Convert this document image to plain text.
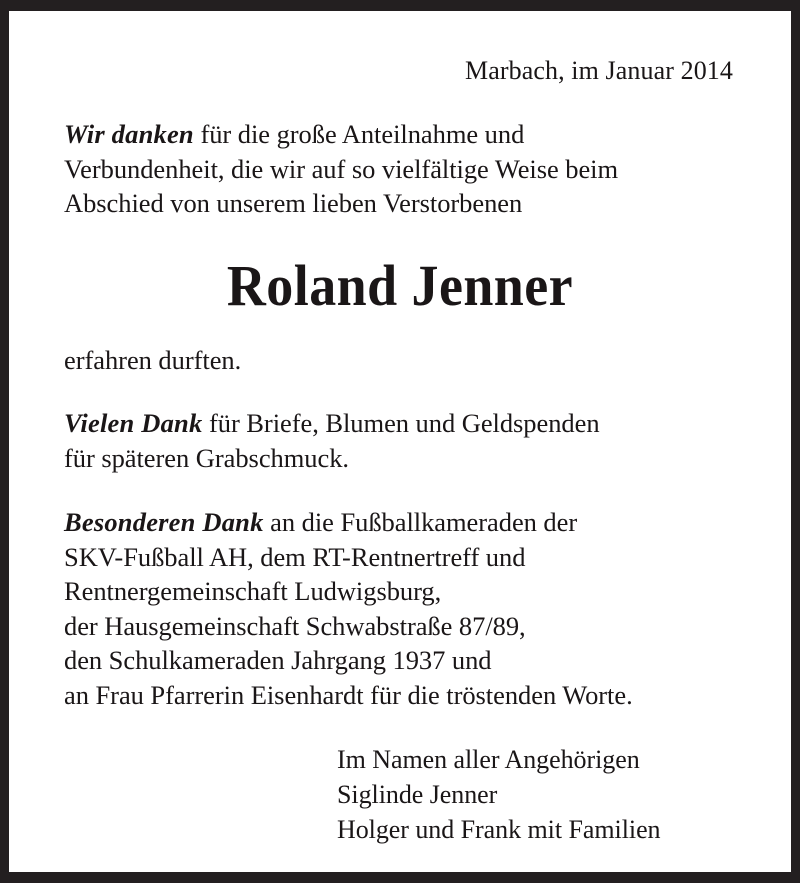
Marbach, im Januar 2014

Wir danken für die große Anteilnahme und

Verbundenheit, die wir auf so vielfältige Weise beim

Abschied von unserem lieben Verstorbenen

Roland Jenner

erfahren durften.

Vielen Dank für Briefe, Blumen und Geldspenden

für späteren Grabschmuck.

Besonderen Dank an die Fußballkameraden der

SKV-Fußball AH, dem RT-Rentnertreff und

Rentnergemeinschaft Ludwigsburg,

der Hausgemeinschaft Schwabstraße 87/89,

den Schulkameraden Jahrgang 1937 und

an Frau Pfarrerin Eisenhardt für die tröstenden Worte.

Im Namen aller Angehörigen

Siglinde Jenner

Holger und Frank mit Familien
